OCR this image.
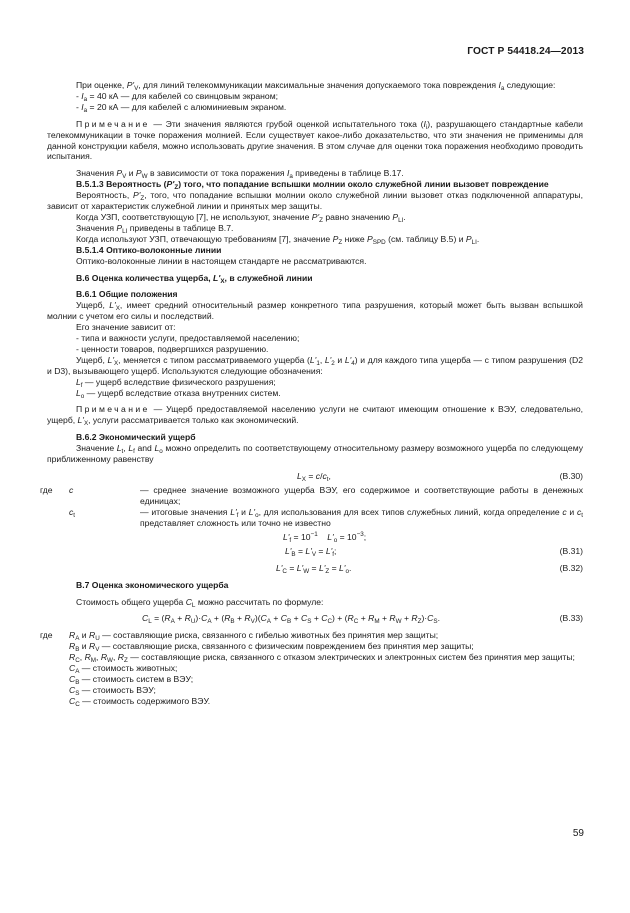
ГОСТ Р 54418.24—2013

При оценке, $P'_V$, для линий телекоммуникации максимальные значения допускаемого тока повреждения $I_a$ следующие:

- $I_a = 40$ кА — для кабелей со свинцовым экраном;

- $I_a = 20$ кА — для кабелей с алюминиевым экраном.

Примечание — Эти значения являются грубой оценкой испытательного тока $(I_i)$, разрушающего стандартные кабели телекоммуникации в точке поражения молнией. Если существует какое-либо доказательство, что эти значения не применимы для данной конструкции кабеля, можно использовать другие значения. В этом случае для оценки тока поражения необходимо проводить испытания.

Значения $P_V$ и $P_W$ в зависимости от тока поражения $I_a$ приведены в таблице B.17.

B.5.1.3 Вероятность $(P'_Z)$ того, что попадание вспышки молнии около служебной линии вызовет повреждение

Вероятность, $P'_Z$, того, что попадание вспышки молнии около служебной линии вызовет отказ подключенной аппаратуры, зависит от характеристик служебной линии и принятых мер защиты.

Когда УЗП, соответствующую [7], не используют, значение $P'_Z$ равно значению $P_{LI}$.

Значения $P_{LI}$ приведены в таблице B.7.

Когда используют УЗП, отвечающую требованиям [7], значение $P_Z$ ниже $P_{SPD}$ (см. таблицу B.5) и $P_{LI}$.

B.5.1.4 Оптико-волоконные линии

Оптико-волоконные линии в настоящем стандарте не рассматриваются.

B.6 Оценка количества ущерба, $L'_X$, в служебной линии

B.6.1 Общие положения

Ущерб, $L'_X$, имеет средний относительный размер конкретного типа разрушения, который может быть вызван вспышкой молнии с учетом его силы и последствий.

Его значение зависит от:

- типа и важности услуги, предоставляемой населению;

- ценности товаров, подвергшихся разрушению.

Ущерб, $L'_X$, меняется с типом рассматриваемого ущерба ($L'_1$, $L'_2$ и $L'_4$) и для каждого типа ущерба — с типом разрушения (D2 и D3), вызывающего ущерб. Используются следующие обозначения:

$L_f$ — ущерб вследствие физического разрушения;

$L_o$ — ущерб вследствие отказа внутренних систем.

Примечание — Ущерб предоставляемой населению услуги не считают имеющим отношение к ВЭУ, следовательно, ущерб, $L'_X$, услуги рассматривается только как экономический.

B.6.2 Экономический ущерб

Значение $L_t$, $L_f$ and $L_o$ можно определить по соответствующему относительному размеру возможного ущерба по следующему приближенному равенству

$L_X = c/c_t$,	(B.30)
где c	— среднее значение возможного ущерба ВЭУ, его содержимое и соответствующие работы в денежных единицах;
$c_t$	— итоговые значения $L'_f$ и $L'_o$, для использования для всех типов служебных линий, когда определение c и $c_t$ представляет сложность или точно не известно
$L'_f = 10^{-1}$ $L'_o = 10^{-3}$;
$L'_B = L'_V = L'_f$;	(B.31)
$L'_C = L'_W = L'_Z = L'_o$.	(B.32)

B.7 Оценка экономического ущерба

Стоимость общего ущерба $C_L$ можно рассчитать по формуле:

$C_L = (R_A + R_U)\cdot C_A + (R_B + R_V)(C_A + C_B + C_S + C_C) + (R_C + R_M + R_W + R_Z)\cdot C_S$.	(B.33)
где $R_A$ и $R_U$ — составляющие риска, связанного с гибелью животных без принятия мер защиты;

$R_B$ и $R_V$ — составляющие риска, связанного с физическим повреждением без принятия мер защиты;

$R_C$, $R_M$, $R_W$, $R_Z$ — составляющие риска, связанного с отказом электрических и электронных систем без принятия мер защиты;

$C_A$ — стоимость животных;

$C_B$ — стоимость систем в ВЭУ;

$C_S$ — стоимость ВЭУ;

$C_C$ — стоимость содержимого ВЭУ.

59
